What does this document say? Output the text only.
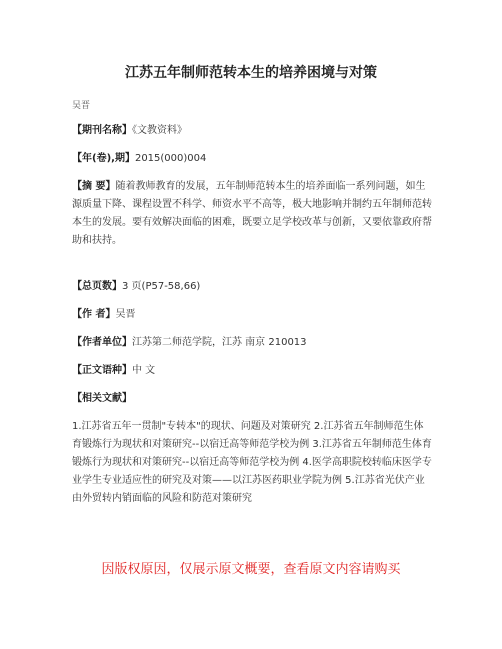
江苏五年制师范转本生的培养困境与对策
吴晋
【期刊名称】《文教资料》
【年(卷),期】2015(000)004
【摘 要】随着教师教育的发展，五年制师范转本生的培养面临一系列问题，如生源质量下降、课程设置不科学、师资水平不高等，极大地影响并制约五年制师范转本生的发展。要有效解决面临的困难，既要立足学校改革与创新，又要依靠政府帮助和扶持。
【总页数】3 页(P57-58,66)
【作 者】吴晋
【作者单位】江苏第二师范学院，江苏 南京 210013
【正文语种】中 文
【相关文献】
1.江苏省五年一贯制"专转本"的现状、问题及对策研究 2.江苏省五年制师范生体育锻炼行为现状和对策研究--以宿迁高等师范学校为例 3.江苏省五年制师范生体育锻炼行为现状和对策研究--以宿迁高等师范学校为例 4.医学高职院校转临床医学专业学生专业适应性的研究及对策——以江苏医药职业学院为例 5.江苏省光伏产业由外贸转内销面临的风险和防范对策研究
因版权原因，仅展示原文概要，查看原文内容请购买
